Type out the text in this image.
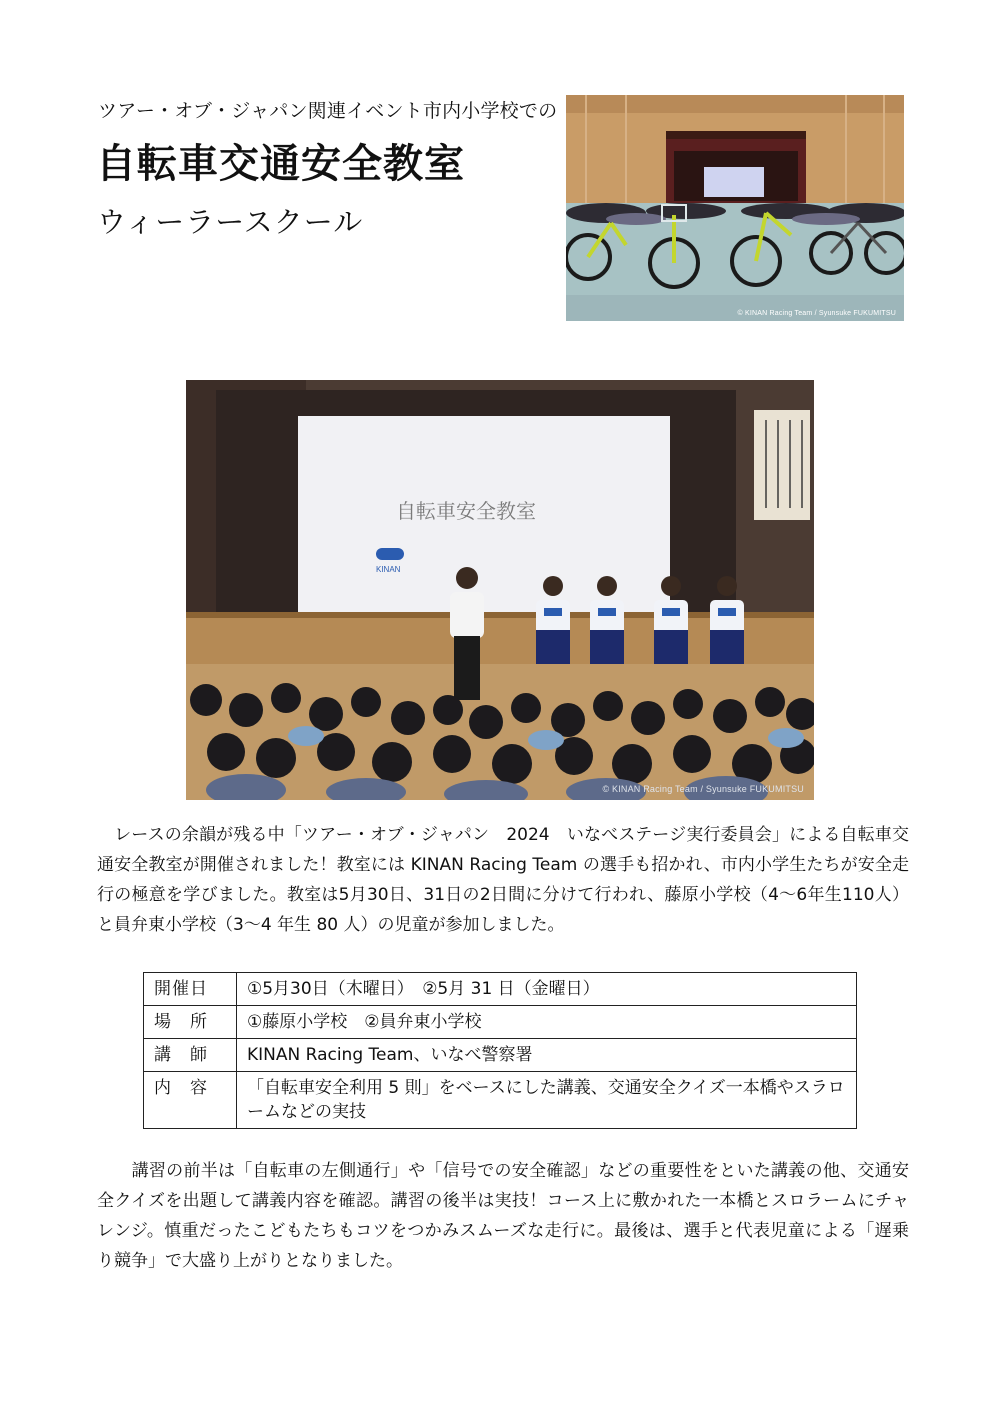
ツアー・オブ・ジャパン関連イベント市内小学校での
自転車交通安全教室
ウィーラースクール
© KINAN Racing Team / Syunsuke FUKUMITSU
自転車安全教室
KINAN
© KINAN Racing Team / Syunsuke FUKUMITSU

　レースの余韻が残る中「ツアー・オブ・ジャパン　2024　いなべステージ実行委員会」による自転車交通安全教室が開催されました！教室には KINAN Racing Team の選手も招かれ、市内小学生たちが安全走行の極意を学びました。教室は5月30日、31日の2日間に分けて行われ、藤原小学校（4～6年生110人）と員弁東小学校（3～4 年生 80 人）の児童が参加しました。

開催日	①5月30日（木曜日）　②5月 31 日（金曜日）
場　所	①藤原小学校　②員弁東小学校
講　師	KINAN Racing Team、いなべ警察署
内　容	「自転車安全利用 5 則」をベースにした講義、交通安全クイズ一本橋やスラロームなどの実技

　　講習の前半は「自転車の左側通行」や「信号での安全確認」などの重要性をといた講義の他、交通安全クイズを出題して講義内容を確認。講習の後半は実技！コース上に敷かれた一本橋とスロラームにチャレンジ。慎重だったこどもたちもコツをつかみスムーズな走行に。最後は、選手と代表児童による「遅乗り競争」で大盛り上がりとなりました。
